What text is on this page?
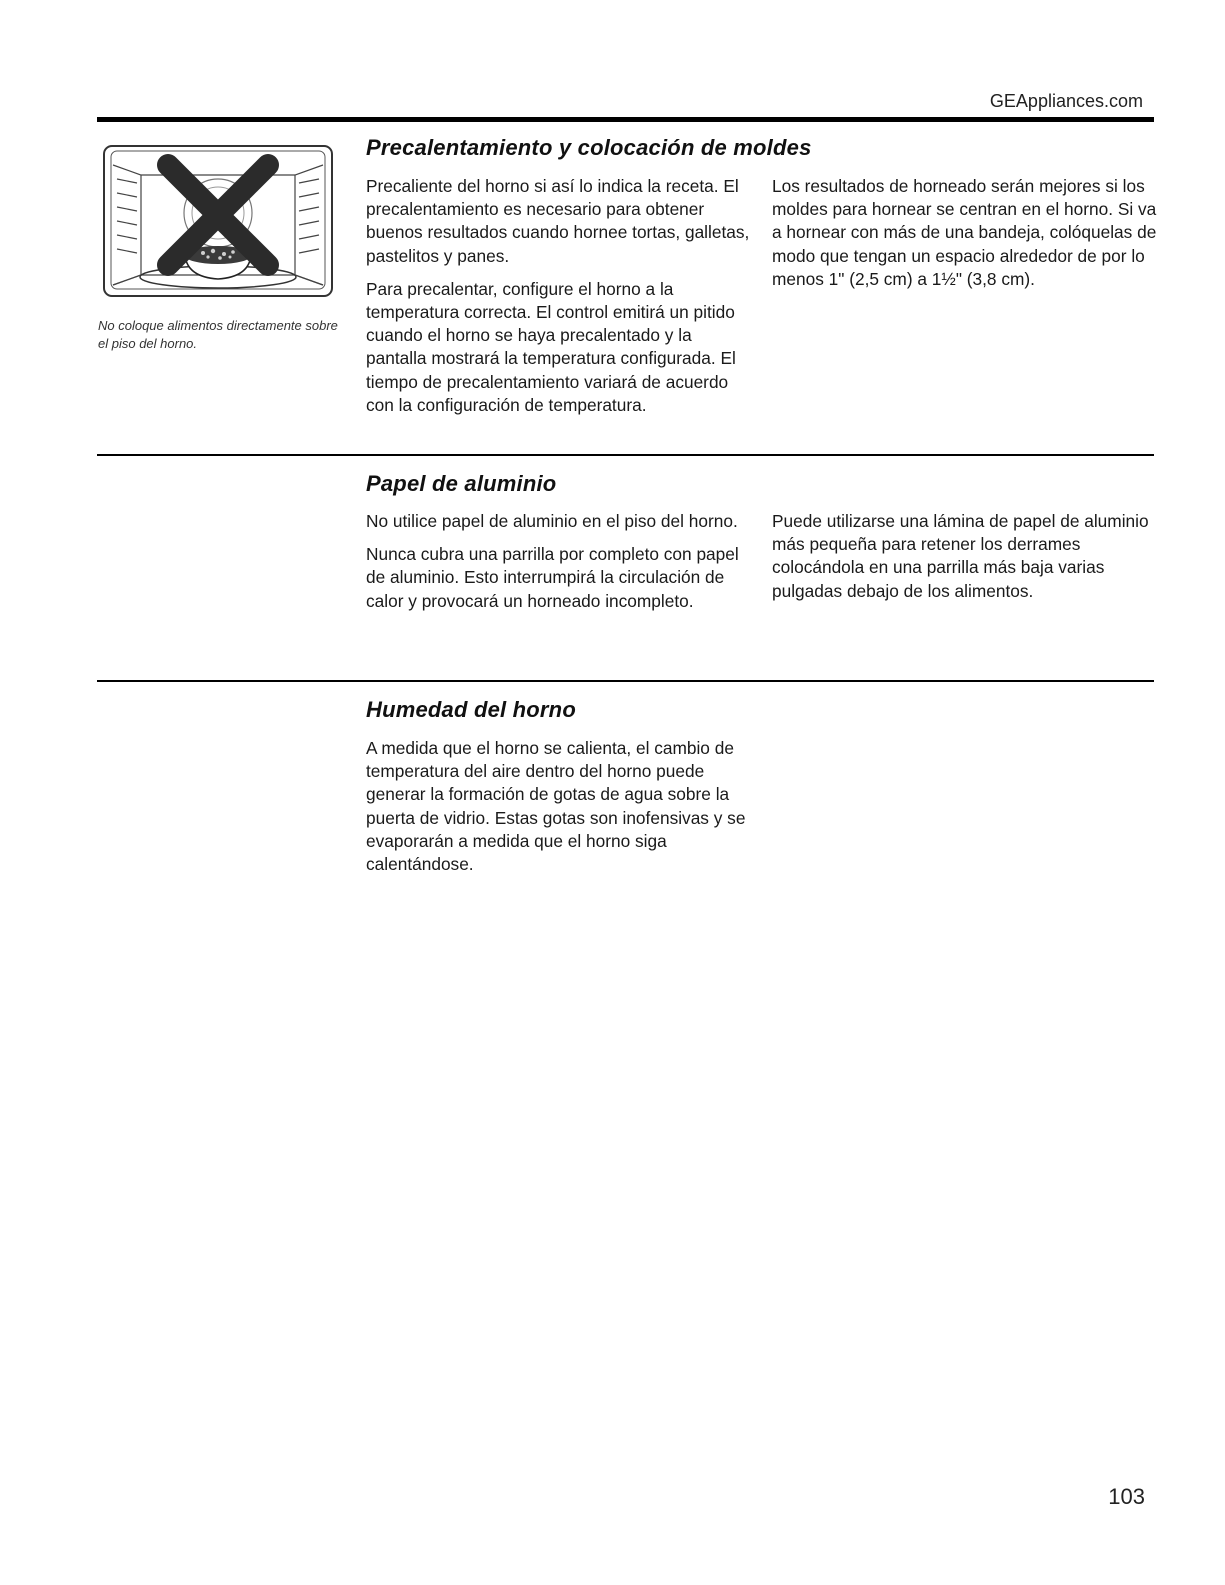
GEAppliances.com
No coloque alimentos directamente sobre el piso del horno.
Precalentamiento y colocación de moldes

Precaliente del horno si así lo indica la receta. El precalentamiento es necesario para obtener buenos resultados cuando hornee tortas, galletas, pastelitos y panes.

Para precalentar, configure el horno a la temperatura correcta. El control emitirá un pitido cuando el horno se haya precalentado y la pantalla mostrará la temperatura configurada. El tiempo de precalentamiento variará de acuerdo con la configuración de temperatura.

Los resultados de horneado serán mejores si los moldes para hornear se centran en el horno. Si va a hornear con más de una bandeja, colóquelas de modo que tengan un espacio alrededor de por lo menos 1" (2,5 cm) a 1½" (3,8 cm).

Papel de aluminio

No utilice papel de aluminio en el piso del horno.

Nunca cubra una parrilla por completo con papel de aluminio. Esto interrumpirá la circulación de calor y provocará un horneado incompleto.

Puede utilizarse una lámina de papel de aluminio más pequeña para retener los derrames colocándola en una parrilla más baja varias pulgadas debajo de los alimentos.

Humedad del horno

A medida que el horno se calienta, el cambio de temperatura del aire dentro del horno puede generar la formación de gotas de agua sobre la puerta de vidrio. Estas gotas son inofensivas y se evaporarán a medida que el horno siga calentándose.

103
